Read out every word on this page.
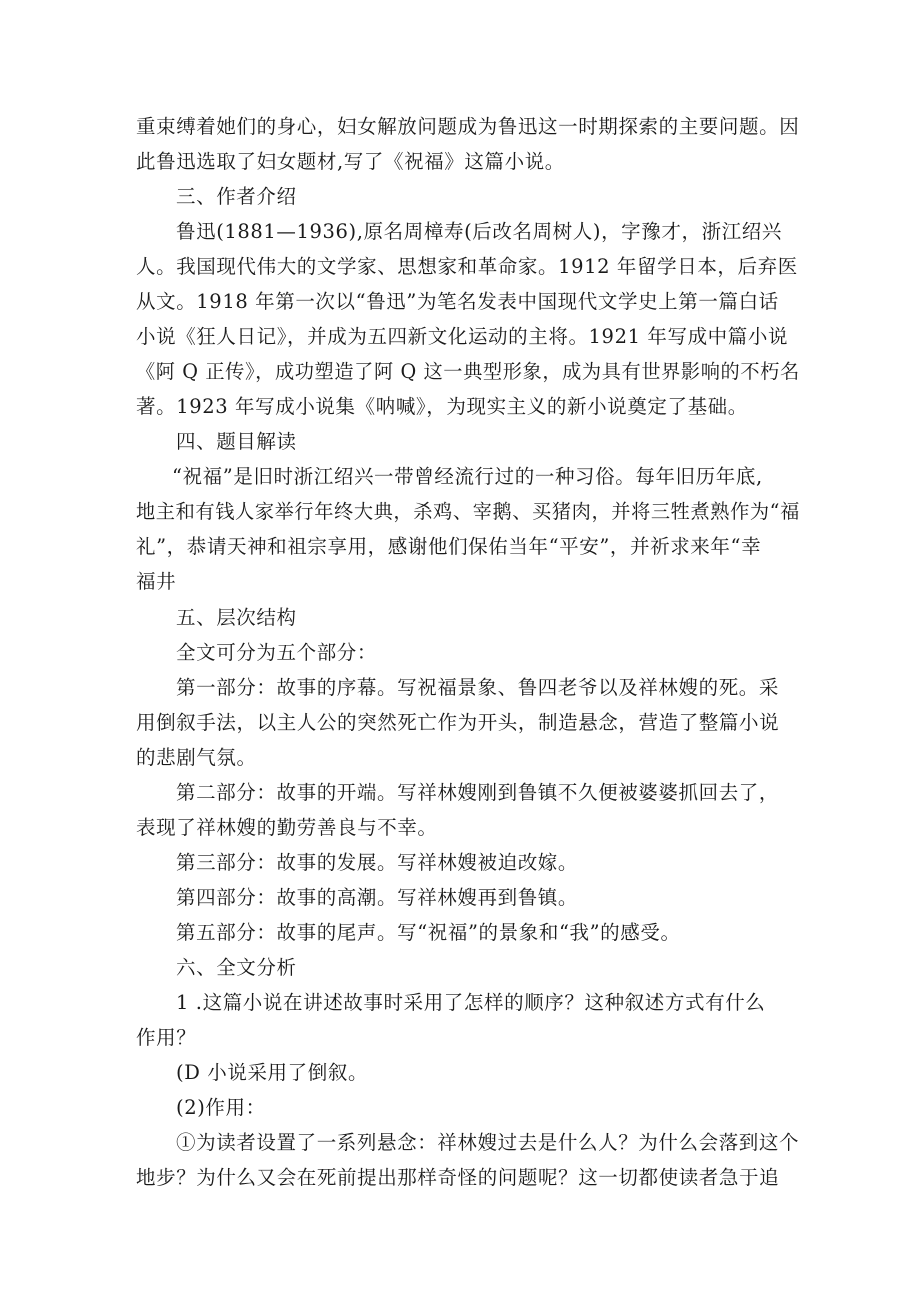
重束缚着她们的身心，妇女解放问题成为鲁迅这一时期探索的主要问题。因
此鲁迅选取了妇女题材,写了《祝福》这篇小说。
三、作者介绍
鲁迅(1881—1936),原名周樟寿(后改名周树人)，字豫才，浙江绍兴
人。我国现代伟大的文学家、思想家和革命家。1912 年留学日本，后弃医
从文。1918 年第一次以“鲁迅”为笔名发表中国现代文学史上第一篇白话
小说《狂人日记》，并成为五四新文化运动的主将。1921 年写成中篇小说
《阿 Q 正传》，成功塑造了阿 Q 这一典型形象，成为具有世界影响的不朽名
著。1923 年写成小说集《呐喊》，为现实主义的新小说奠定了基础。
四、题目解读
“祝福”是旧时浙江绍兴一带曾经流行过的一种习俗。每年旧历年底,
地主和有钱人家举行年终大典，杀鸡、宰鹅、买猪肉，并将三牲煮熟作为“福
礼”，恭请天神和祖宗享用，感谢他们保佑当年“平安”，并祈求来年“幸
福井
五、层次结构
全文可分为五个部分：
第一部分：故事的序幕。写祝福景象、鲁四老爷以及祥林嫂的死。采
用倒叙手法，以主人公的突然死亡作为开头，制造悬念，营造了整篇小说
的悲剧气氛。
第二部分：故事的开端。写祥林嫂刚到鲁镇不久便被婆婆抓回去了，
表现了祥林嫂的勤劳善良与不幸。
第三部分：故事的发展。写祥林嫂被迫改嫁。
第四部分：故事的高潮。写祥林嫂再到鲁镇。
第五部分：故事的尾声。写“祝福”的景象和“我”的感受。
六、全文分析
1 .这篇小说在讲述故事时采用了怎样的顺序？这种叙述方式有什么
作用？
(D 小说采用了倒叙。
(2)作用：
①为读者设置了一系列悬念：祥林嫂过去是什么人？为什么会落到这个
地步？为什么又会在死前提出那样奇怪的问题呢？这一切都使读者急于追
